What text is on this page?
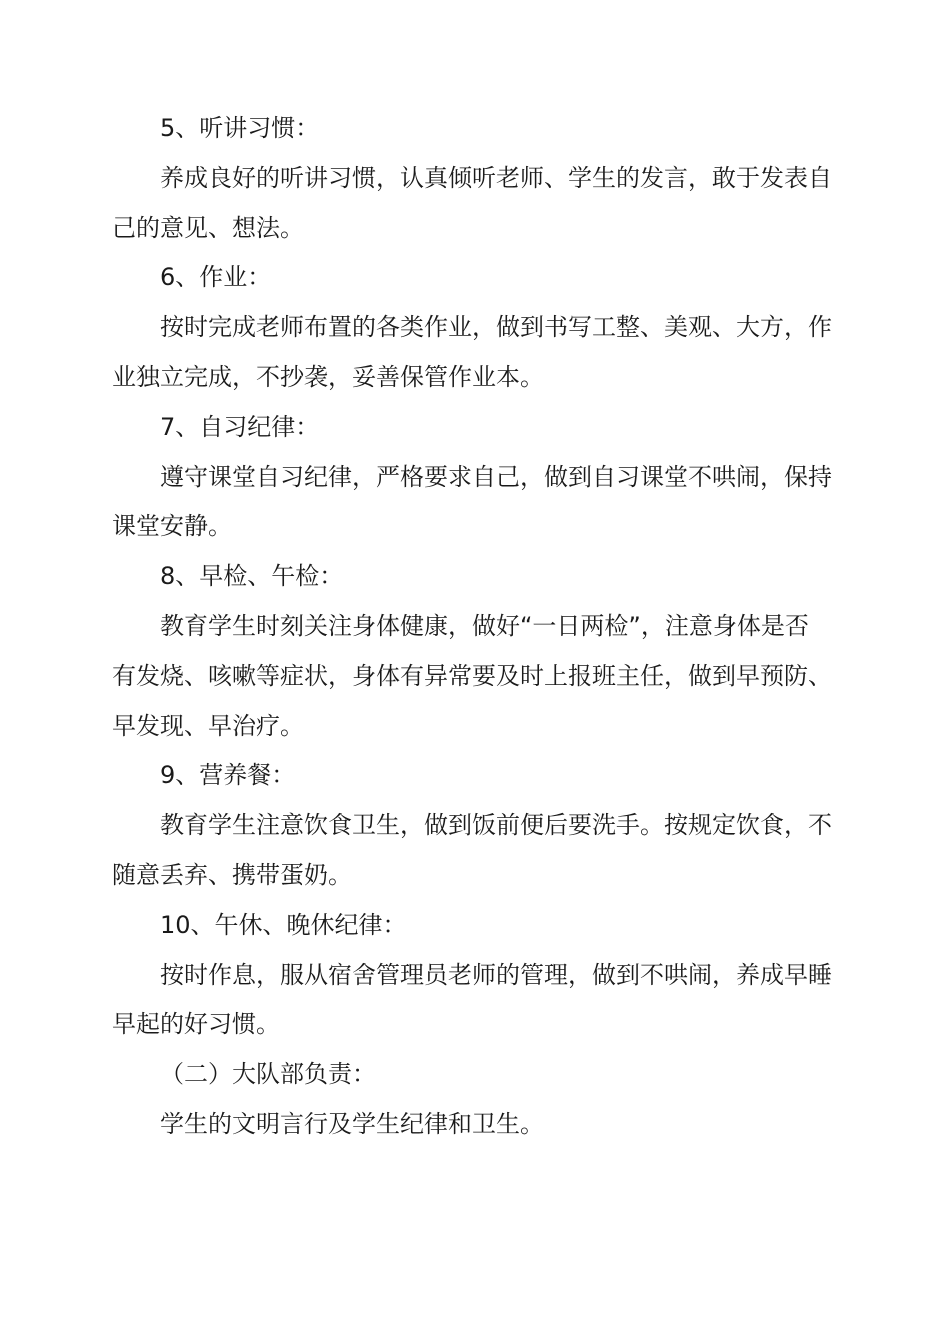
5、听讲习惯：
养成良好的听讲习惯，认真倾听老师、学生的发言，敢于发表自
己的意见、想法。
6、作业：
按时完成老师布置的各类作业，做到书写工整、美观、大方，作
业独立完成，不抄袭，妥善保管作业本。
7、自习纪律：
遵守课堂自习纪律，严格要求自己，做到自习课堂不哄闹，保持
课堂安静。
8、早检、午检：
教育学生时刻关注身体健康，做好“一日两检”，注意身体是否
有发烧、咳嗽等症状，身体有异常要及时上报班主任，做到早预防、
早发现、早治疗。
9、营养餐：
教育学生注意饮食卫生，做到饭前便后要洗手。按规定饮食，不
随意丢弃、携带蛋奶。
10、午休、晚休纪律：
按时作息，服从宿舍管理员老师的管理，做到不哄闹，养成早睡
早起的好习惯。
（二）大队部负责：
学生的文明言行及学生纪律和卫生。
